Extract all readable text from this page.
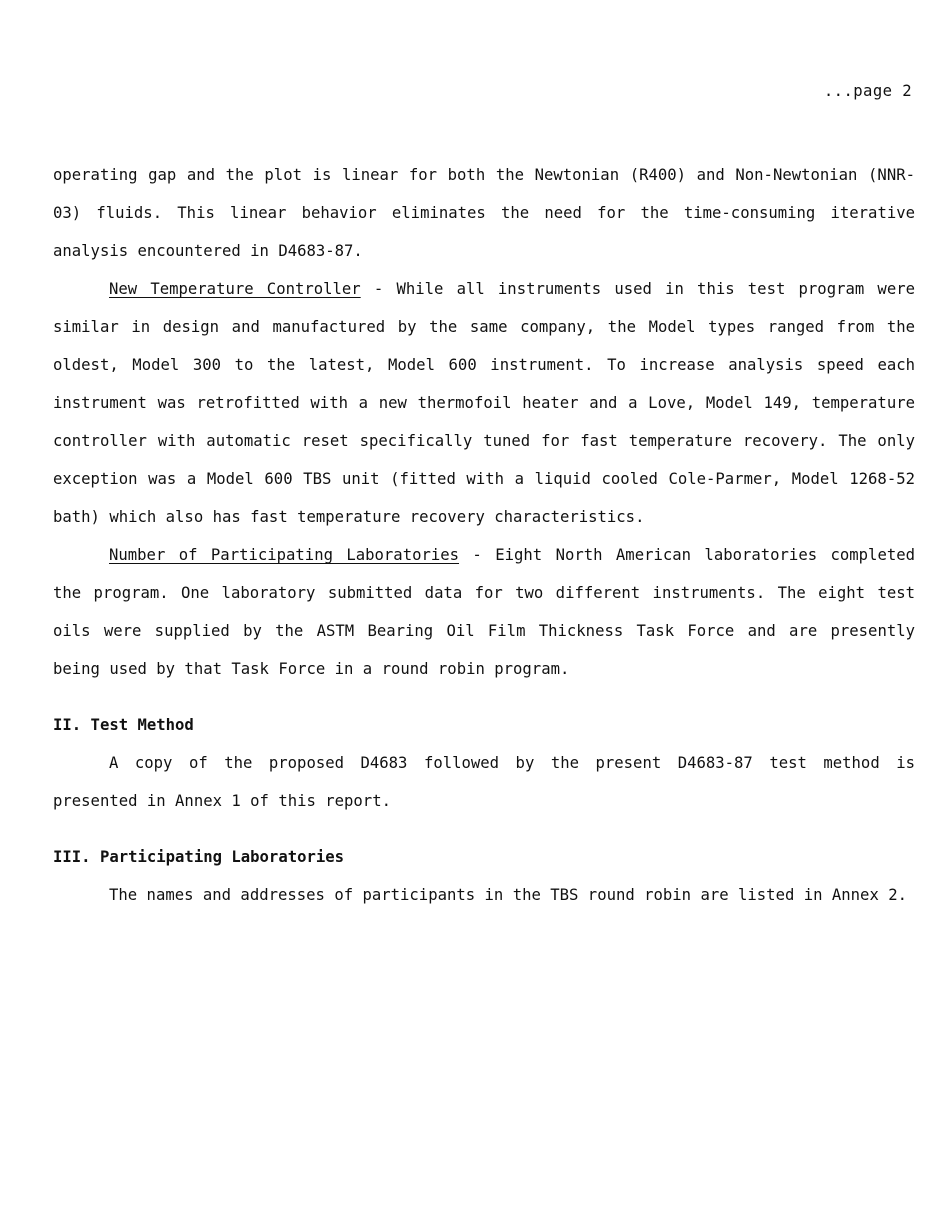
...page 2

operating gap and the plot is linear for both the Newtonian (R400) and Non-Newtonian (NNR-03) fluids. This linear behavior eliminates the need for the time-consuming iterative analysis encountered in D4683-87.

New Temperature Controller - While all instruments used in this test program were similar in design and manufactured by the same company, the Model types ranged from the oldest, Model 300 to the latest, Model 600 instrument. To increase analysis speed each instrument was retrofitted with a new thermofoil heater and a Love, Model 149, temperature controller with automatic reset specifically tuned for fast temperature recovery. The only exception was a Model 600 TBS unit (fitted with a liquid cooled Cole-Parmer, Model 1268-52 bath) which also has fast temperature recovery characteristics.

Number of Participating Laboratories - Eight North American laboratories completed the program. One laboratory submitted data for two different instruments. The eight test oils were supplied by the ASTM Bearing Oil Film Thickness Task Force and are presently being used by that Task Force in a round robin program.

II. Test Method

A copy of the proposed D4683 followed by the present D4683-87 test method is presented in Annex 1 of this report.

III. Participating Laboratories

The names and addresses of participants in the TBS round robin are listed in Annex 2.
